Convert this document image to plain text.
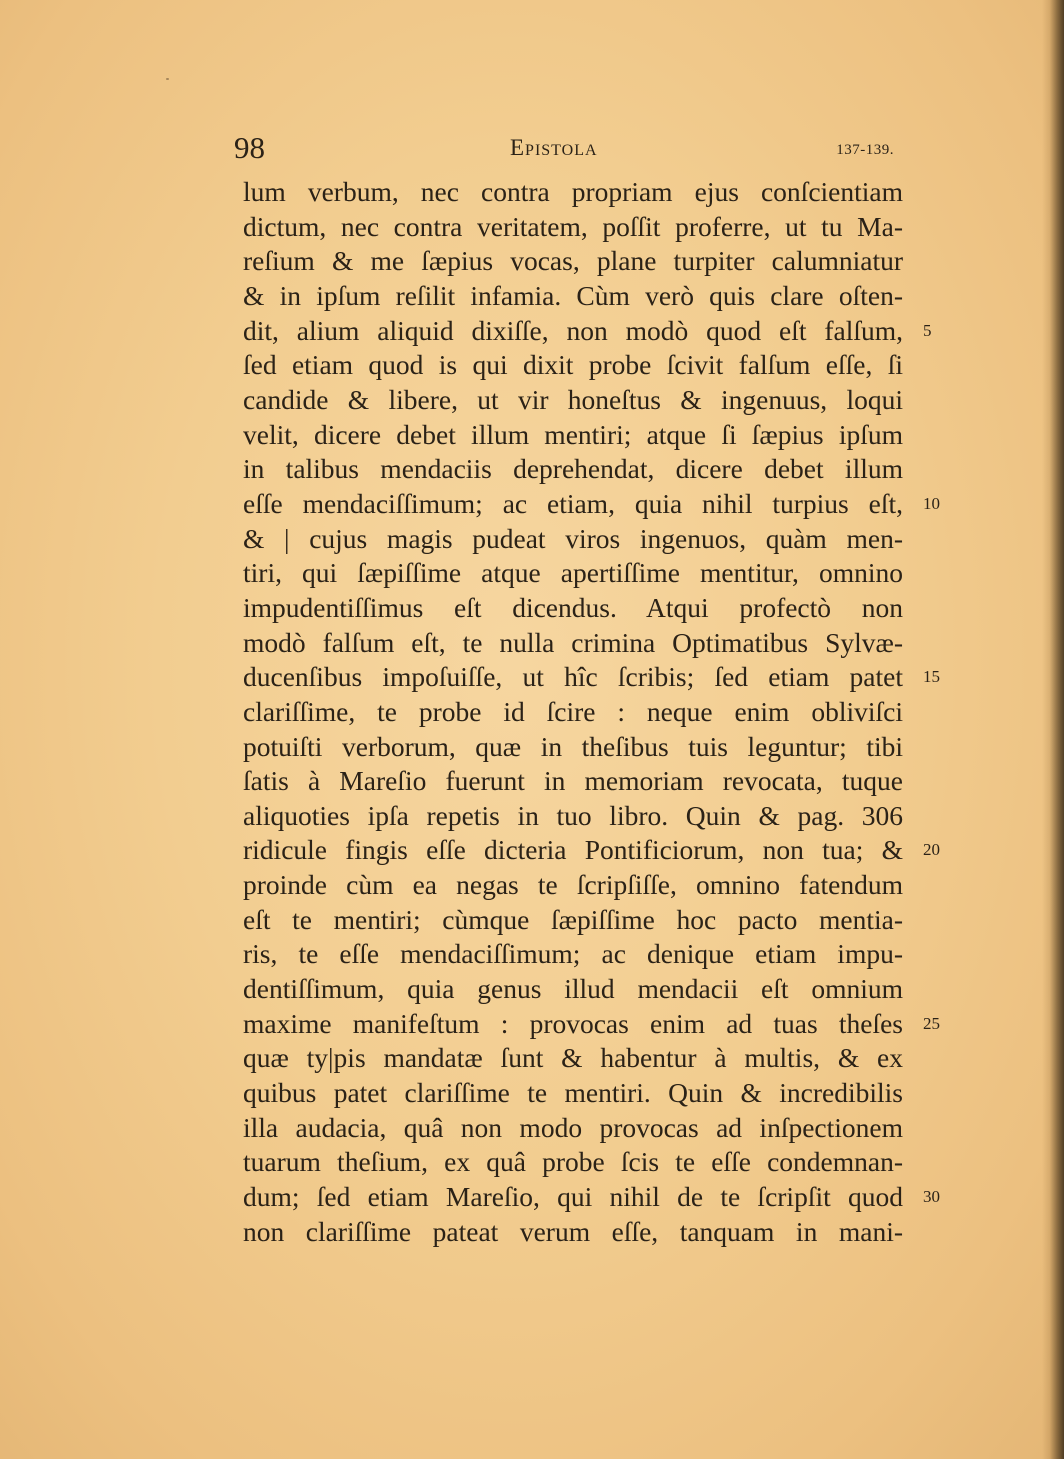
98	Epistola	137-139.
lum verbum, nec contra propriam ejus conſcientiam
dictum, nec contra veritatem, poſſit proferre, ut tu Ma-
reſium & me ſæpius vocas, plane turpiter calumniatur
& in ipſum reſilit infamia. Cùm verò quis clare oſten-
dit, alium aliquid dixiſſe, non modò quod eſt falſum, 5
ſed etiam quod is qui dixit probe ſcivit falſum eſſe, ſi
candide & libere, ut vir honeſtus & ingenuus, loqui
velit, dicere debet illum mentiri; atque ſi ſæpius ipſum
in talibus mendaciis deprehendat, dicere debet illum
eſſe mendaciſſimum; ac etiam, quia nihil turpius eſt, 10
& | cujus magis pudeat viros ingenuos, quàm men-
tiri, qui ſæpiſſime atque apertiſſime mentitur, omnino
impudentiſſimus eſt dicendus. Atqui profectò non
modò falſum eſt, te nulla crimina Optimatibus Sylvæ-
ducenſibus impoſuiſſe, ut hîc ſcribis; ſed etiam patet 15
clariſſime, te probe id ſcire : neque enim obliviſci
potuiſti verborum, quæ in theſibus tuis leguntur; tibi
ſatis à Mareſio fuerunt in memoriam revocata, tuque
aliquoties ipſa repetis in tuo libro. Quin & pag. 306
ridicule fingis eſſe dicteria Pontificiorum, non tua; & 20
proinde cùm ea negas te ſcripſiſſe, omnino fatendum
eſt te mentiri; cùmque ſæpiſſime hoc pacto mentia-
ris, te eſſe mendaciſſimum; ac denique etiam impu-
dentiſſimum, quia genus illud mendacii eſt omnium
maxime manifeſtum : provocas enim ad tuas theſes 25
quæ ty|pis mandatæ ſunt & habentur à multis, & ex
quibus patet clariſſime te mentiri. Quin & incredibilis
illa audacia, quâ non modo provocas ad inſpectionem
tuarum theſium, ex quâ probe ſcis te eſſe condemnan-
dum; ſed etiam Mareſio, qui nihil de te ſcripſit quod 30
non clariſſime pateat verum eſſe, tanquam in mani-
